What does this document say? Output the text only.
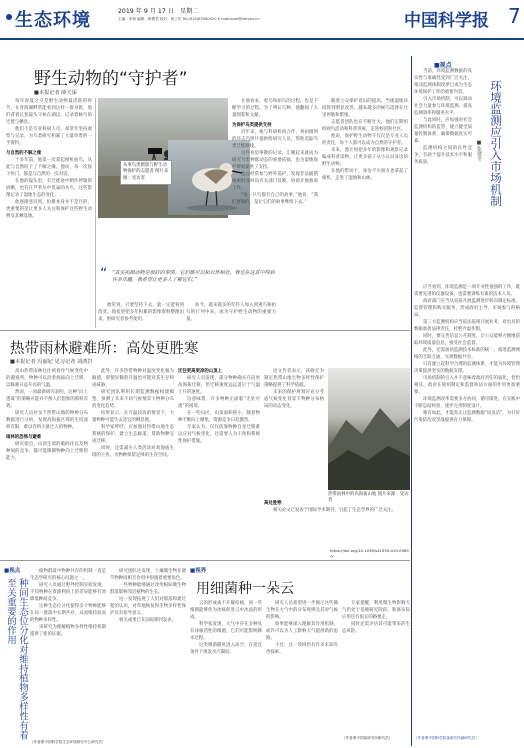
生态环境	2019 年 9 月 17 日 星期二
主编：李晨 编辑：陈俊君 校对：何工作 Tel:(010)62580920 E-mail:xsxb@stimes.cn	中国科学报 7
野生动物的“守护者”
■本报记者 薛天深

每年春夏之交是野生动物最活跃的时节，在青海湖畔常能看到这样一群身影，他们背着长焦镜头守候在湖边，记录着候鸟的迁徙与栖息。

他们不是专业科研人员，却常年坚持观察与记录，为鸟类研究积累了大量珍贵的一手资料。

与自然的不解之缘

十多年前，他第一次拿起相机拍鸟，从此与自然结下了不解之缘。他说，每一次按下快门，都是与自然的一次对话。

在他的镜头里，有迁徙途中稍作停歇的鸻鹬，也有在芦苇丛中筑巢的水鸟。这些影像记录了湿地生态的变化。

他逐渐意识到，拍摄本身并不是目的，更重要的是让更多人关注和保护这些野生动物及其栖息地。

从事鸟类摄影与野生动物保护的志愿者 图片来源：受访者
“ “其实拍摄动物是很好的事情。它们都可以和自然相处，我也在这其中得到许多乐趣，我希望让更多人了解它们。”

他常说，只要坚持下去，就一定能看到改变。他希望把多年积累的影像资料整理出来，供研究者参考使用。

如今，越来越多的年轻人加入到观鸟和拍鸟的行列中来，成为守护野生动物的重要力量。

在他看来，观鸟和拍鸟的过程，也是不断学习的过程。为了辨认鸟种，他翻阅了大量图鉴和文献。

为保护鸟类提供支持

近年来，他与科研机构合作，将拍摄到的环志鸟照片提供给研究人员，帮助追踪鸟类迁徙路线。

这些看似零散的记录，汇聚起来就成为研究鸟类种群动态的重要依据，也为湿地保护规划提供了支持。

他还经常参与野外巡护，发现非法捕猎线索时及时向有关部门反映，协助开展救助工作。

“每一只鸟都有自己的故事，”他说，“我们要做的，是让它们的故事继续下去。”

随着公众保护意识的提高，当地湿地环境得到明显改善，越来越多的候鸟选择在这里停歇和繁殖。

志愿者团队也在不断壮大，他们定期组织观鸟活动和科普讲座，走进校园和社区。

他说，保护野生动物不仅仅是专业人员的责任，每个人都可以成为自然的守护者。

未来，他计划把多年的影像和观察记录编成科普读物，让更多孩子从小认识身边的野生动物。

在他的带动下，身边不少朋友也拿起了相机，走进了湿地和山林。

■视点
环境监测应引入市场机制
■张建冬

当前，环境监测数据的真实性与准确性受到广泛关注，推动监测体制改革已成为生态环境保护工作的重要内容。

引入市场机制，可以调动社会力量参与环境监测，提高监测效率和服务水平。

与此同时，应加强对社会监测机构的监管，建立健全质量控制体系，确保数据真实可靠。

监测机构之间的良性竞争，有助于提升技术水平和服务质量。

应当看到，环境监测是一项专业性很强的工作，既需要先进的仪器设备，也需要训练有素的技术人员。

政府部门应当从直接开展监测逐步转向制定标准、监督管理和购买服务，形成政府主导、市场参与的格局。

第三方监测机构应当依法依规开展业务，对出具的数据承担法律责任，杜绝弄虚作假。

同时，要完善信息公开制度，让公众能够方便地获取环境质量信息，接受社会监督。

此外，还需加快监测技术标准的统一，推进监测网络的互联互通，实现数据共享。

只有建立起科学合理的监测体系，才能为环境管理决策提供坚实的数据支撑。

市场机制的引入并不意味着政府责任的弱化，恰恰相反，政府在规则制定和监督执法方面的作用更加重要。

环境监测改革需要多方协同，循序渐进，在实践中不断总结经验，逐步完善制度设计。

唯有如此，才能真正让监测数据“说真话”，为打好污染防治攻坚战提供有力保障。

（作者系中国科学院某研究所副研究员）
热带雨林避难所：高处更胜寒
■本报记者 冯丽妃 见习记者 刘鸿岩

高山热带雨林往往被看作气候变化中的避难所，物种可以沿着海拔向上迁移，以躲避日益升高的气温。

然而，一项最新研究表明，这种“向上逃离”的策略可能并不像人们想象的那样有效。

研究人员对多个热带山地的物种分布数据进行分析，发现高海拔区域的生境面积有限，难以容纳大量迁入的物种。

雨林的恐怖与避难

研究指出，山顶生境的破碎化以及物种间的竞争，都可能限制物种向上迁移的能力。

此外，许多热带物种对温度变化极为敏感，即使轻微的升温也可能对其生存构成威胁。

研究团队利用长期监测数据构建模型，预测了未来不同气候情景下物种分布的变化趋势。

结果显示，在升温较高的情景下，大量物种可能失去适宜的栖息地。

科学家呼吁，应加强对热带山地生态系统的保护，建立生态廊道，帮助物种完成迁移。

同时，还需减少人类活动对高海拔生境的干扰，为物种保留足够的生存空间。

迁往更高更凉的山顶上

研究人员发现，部分物种确实在向更高海拔迁移，但迁移速度远远落后于气温上升的速度。

这意味着，许多物种正面临“无处可逃”的困境。

在一些山区，山顶面积狭小，随着物种不断向上聚集，资源竞争日趋激烈。

专家认为，仅仅依靠物种自身迁移难以应对气候变化，还需要人为干预和系统性保护措施。

论文作者表示，该研究为制定热带山地生物多样性保护策略提供了科学依据。

未来的保护规划应充分考虑气候变化背景下物种分布格局的动态变化。

热带雨林中的高海拔山地 图片来源：受访者

高处胜寒

相关论文已发表于国际学术期刊，引起了生态学界的广泛关注。

https://doi.org/10.1038/s41559-019-0989-y
■视点
种间生态位分化对维持植物多样性有着至关重要的作用

植物群落中物种共存的机制一直是生态学研究的核心问题之一。

研究人员通过野外控制实验发现，不同物种在资源利用上的差异能够有效降低种间竞争。

这种生态位分化使得多个物种能够在同一群落中长期共存，从而维持较高的物种多样性。

该研究为理解植物多样性维持机制提供了新的证据。

研究团队还发现，土壤微生物在调节物种间相互作用中扮演着重要角色。

一些物种能够通过改变根际微生物群落影响邻近植物的生长。

这一发现拓展了人们对群落构建过程的认识，对草地恢复和生物多样性保护具有指导意义。

相关成果已在国际期刊发表。

■视界
用细菌种一朵云

云的形成离不开凝结核，而一些细菌能够作为冰核促进云中冰晶的形成。

科学家发现，大气中存在多种具有冰核活性的细菌，它们可能影响降水过程。

这类细菌随风进入高空，在适宜条件下诱发水汽凝结。

研究人员希望进一步揭示这些微生物在大气中的分布规律及其对气候的影响。

如果能够深入理解其作用机制，或许可以为人工影响天气提供新的思路。

不过，这一领域仍有许多未知有待探索。

专家提醒，利用微生物影响天气仍处于基础研究阶段，距离实际应用还有很长的路要走。

同时还需评估其可能带来的生态风险。

（作者系中国某研究所研究员）
（作者系中国科学院生态环境研究中心研究员）
